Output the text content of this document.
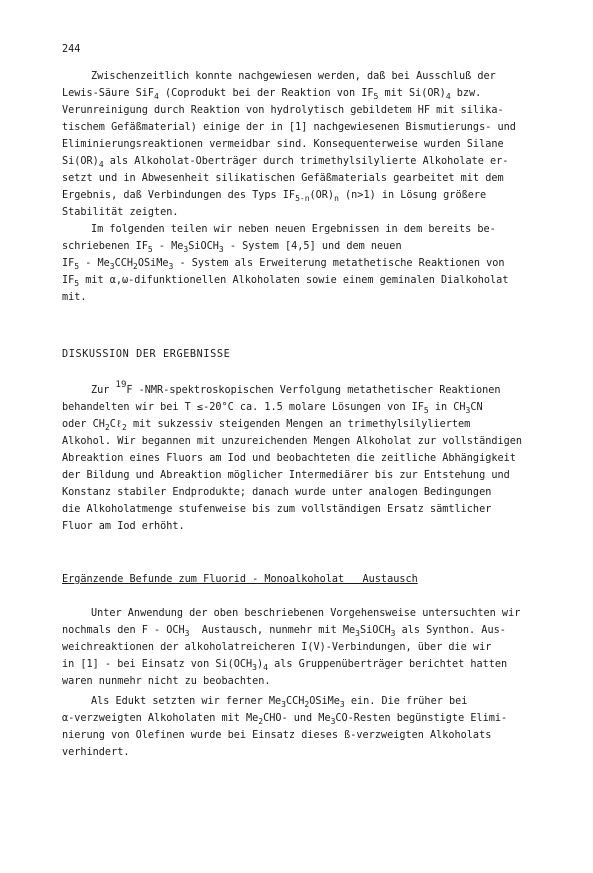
244
Zwischenzeitlich konnte nachgewiesen werden, daß bei Ausschluß der
Lewis-Säure SiF$_4$ (Coprodukt bei der Reaktion von $IF_5$ mit $Si(OR)_4$ bzw.
Verunreinigung durch Reaktion von hydrolytisch gebildetem HF mit silika-
tischem Gefäßmaterial) einige der in [1] nachgewiesenen Bismutierungs- und
Eliminierungsreaktionen vermeidbar sind. Konsequenterweise wurden Silane
$Si(OR)_4$ als Alkoholat-Oberträger durch trimethylsilylierte Alkoholate er-
setzt und in Abwesenheit silikatischen Gefäßmaterials gearbeitet mit dem
Ergebnis, daß Verbindungen des Typs $IF_{5-n}(OR)_n$ (n>1) in Lösung größere
Stabilität zeigten.
Im folgenden teilen wir neben neuen Ergebnissen in dem bereits be-
schriebenen $IF_5$ - $Me_3SiOCH_3$ - System [4,5] und dem neuen
$IF_5$ - $Me_3CCH_2OSiMe_3$ - System als Erweiterung metathetische Reaktionen von
$IF_5$ mit α,ω-difunktionellen Alkoholaten sowie einem geminalen Dialkoholat
mit.
DISKUSSION DER ERGEBNISSE
Zur 19F -NMR-spektroskopischen Verfolgung metathetischer Reaktionen
behandelten wir bei T ≤-20°C ca. 1.5 molare Lösungen von $IF_5$ in $CH_3CN$
oder $CH_2C\ell_2$ mit sukzessiv steigenden Mengen an trimethylsilyliertem
Alkohol. Wir begannen mit unzureichenden Mengen Alkoholat zur vollständigen
Abreaktion eines Fluors am Iod und beobachteten die zeitliche Abhängigkeit
der Bildung und Abreaktion möglicher Intermediärer bis zur Entstehung und
Konstanz stabiler Endprodukte; danach wurde unter analogen Bedingungen
die Alkoholatmenge stufenweise bis zum vollständigen Ersatz sämtlicher
Fluor am Iod erhöht.
Ergänzende Befunde zum Fluorid - Monoalkoholat   Austausch
Unter Anwendung der oben beschriebenen Vorgehensweise untersuchten wir
nochmals den F - $OCH_3$  Austausch, nunmehr mit $Me_3SiOCH_3$ als Synthon. Aus-
weichreaktionen der alkoholatreicheren I(V)-Verbindungen, über die wir
in [1] - bei Einsatz von $Si(OCH_3)_4$ als Gruppenüberträger berichtet hatten
waren nunmehr nicht zu beobachten.
Als Edukt setzten wir ferner $Me_3CCH_2OSiMe_3$ ein. Die früher bei
α-verzweigten Alkoholaten mit $Me_2CHO-$ und $Me_3CO$-Resten begünstigte Elimi-
nierung von Olefinen wurde bei Einsatz dieses ß-verzweigten Alkoholats
verhindert.
